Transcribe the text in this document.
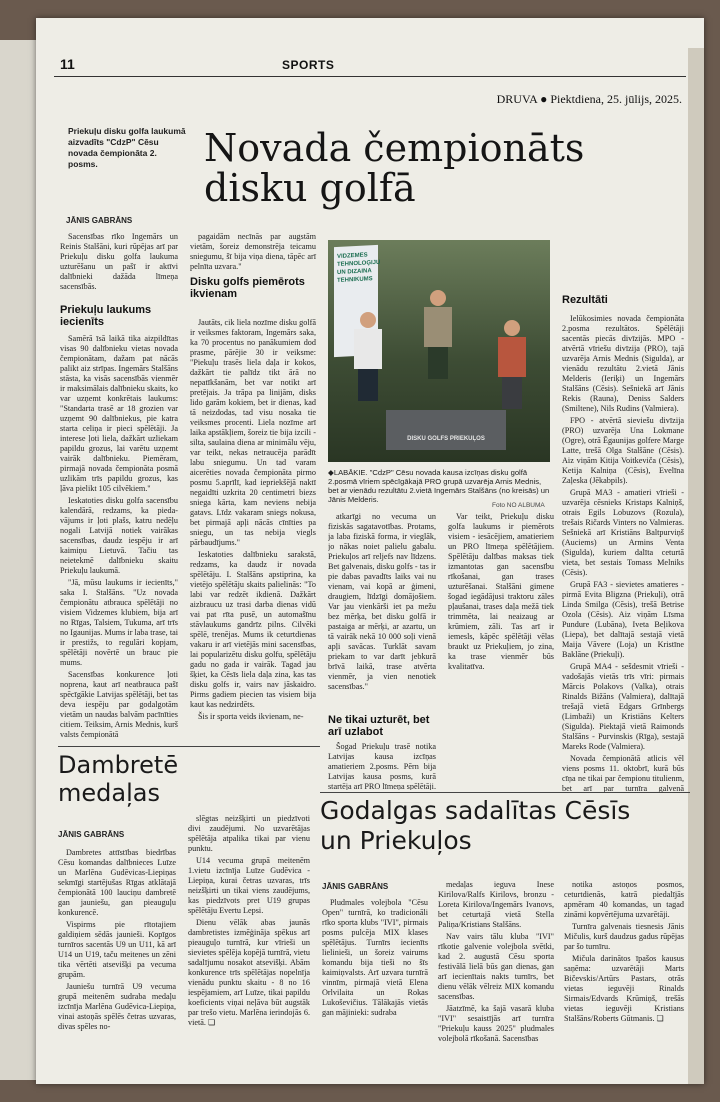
11	SPORTS
DRUVA ● Piektdiena, 25. jūlijs, 2025.
Priekuļu disku golfa laukumā aizvadīts "CdzP" Cēsu novada čempionāta 2. posms.	Novada čempionāts disku golfā
JĀNIS GABRĀNS

Sacensības rīko Ingemārs un Reinis Stalšāni, kuri rūpējas arī par Priekuļu disku golfa laukuma uzturēšanu un pašī ir aktīvi dalībnieki dažāda līmeņa sacensībās.

Priekuļu laukums iecienīts

Samērā īsā laikā tika aizpildītas visas 90 dalībnieku vietas novada čempionātam, dažam pat nācās palikt aiz strīpas. Ingemārs Stalšāns stāsta, ka visās sacensībās vienmēr ir maksimālais dalībnieku skaits, ko var uzņemt konkrētais laukums: "Standarta trasē ar 18 grozien var uzņemt 90 dalībniekus, pie katra starta celiņa ir pieci spēlētāji. Ja interese ļoti liela, dažkārt uzliekam papildu grozus, lai varētu uzņemt vairāk dalībnieku. Piemēram, pirmajā novada čempionāta posmā uzlikām trīs papildu grozus, kas ļāva pielikt 105 cilvēkiem."

Ieskatoties disku golfa sacensību kalendārā, redzams, ka pieda-vājums ir ļoti plašs, katru nedēļu nogali Latvijā notiek vairākas sacensības, daudz iespēju ir arī kaimiņu Lietuvā. Tačiu tas neietekmē dalībnieku skaitu Priekuļu laukumā.

"Jā, mūsu laukums ir iecienīts," saka I. Stalšāns. "Uz novada čempionātu atbrauca spēlētāji no visiem Vidzemes klubiem, bija arī no Rīgas, Talsiem, Tukuma, arī trīs no Igaunijas. Mums ir laba trase, tai ir prestižs, to regulāri kopjam, spēlētāji novērtē un brauc pie mums.

Sacensības konkurence ļoti noprena, kaut arī neatbrauca pašī spēcīgākie Latvijas spēlētāji, bet tas deva iespēju par godalgotām vietām un naudas balvām pacīnīties citiem. Teiksim, Arnis Mednis, kurš valsts čempionātā

pagaidām necīnās par augstām vietām, šoreiz demonstrēja teicamu sniegumu, šī bija viņa diena, tāpēc arī pelnīta uzvara."

Disku golfs piemērots ikvienam

Jautāts, cik liela nozīme disku golfā ir veiksmes faktoram, Ingemārs saka, ka 70 procentus no panākumiem dod prasme, pārējie 30 ir veiksme: "Piekuļu trasēs liela daļa ir kokos, dažkārt tie palīdz tikt ārā no nepatīkšanām, bet var notikt arī pretējais. Ja trāpa pa linijām, disks lido garām kokiem, bet ir dienas, kad tā neizdodas, tad visu nosaka tie veiksmes procenti. Liela nozīme arī laika apstākļiem, šoreiz tie bija izcili - silta, saulaina diena ar minimālu vēju, var teikt, nekas netraucēja parādīt labu sniegumu. Un tad varam aicerēties novada čempionāta pirmo posmu 5.aprīlī, kad iepriekšējā naktī negaidīti uzkrita 20 centimetri biezs sniega kārta, kam neviens nebija gatavs. Līdz vakaram sniegs nokusa, bet pirmajā apļi nācās cīnīties pa sniegu, un tas nebija viegls pārbaudījums."

Ieskatoties dalībnieku sarakstā, redzams, ka daudz ir novada spēlētāju. I. Stalšāns apstiprina, ka vietējo spēlētāju skaits palielinās: "To labi var redzēt ikdienā. Dažkārt aizbraucu uz trasi darba dienas vidū vai pat rīta pusē, un automašīnu stāvlaukums gandrīz pilns. Cilvēki spēlē, trenējas. Mums ik ceturtdienas vakaru ir arī vietējās mini sacensības, lai popularizētu disku golfu, spēlētāju gadu no gada ir vairāk. Tagad jau šķiet, ka Cēsīs liela daļa zina, kas tas disku golfs ir, vairs nav jāskaidro. Pirms gadiem piecien tas visiem bija kaut kas nedzirdēts.

Šis ir sporta veids ikvienam, ne-

VIDZEMES TEHNOLOĢIJU UN DIZAINA TEHNIKUMS
DISKU GOLFS PRIEKUĻOS
◆LABĀKIE. "CdzP" Cēsu novada kausa izcīņas disku golfā 2.posmā vīriem spēcīgākajā PRO grupā uzvarēja Arnis Mednis, bet ar vienādu rezultātu 2.vietā Ingemārs Stalšāns (no kreisās) un Jānis Melderis.
Foto NO ALBUMA

atkarīgi no vecuma un fiziskās sagatavotības. Protams, ja laba fiziskā forma, ir vieglāk, jo nākas noiet palielu gabalu. Priekuļos arī reljefs nav līdzens. Bet galvenais, disku golfs - tas ir pie dabas pavadīts laiks vai nu vienam, vai kopā ar ģimeni, draugiem, līdzīgi domājošiem. Var jau vienkārši iet pa mežu bez mērķa, bet disku golfā ir pastaiga ar mērķi, ar azartu, un tā vairāk nekā 10 000 soļi vienā apļi savācas. Turklāt savam priekam to var darīt jebkurā brīvā laikā, trase atvērta vienmēr, ja vien nenotiek sacensības."

Ne tikai uzturēt, bet arī uzlabot

Šogad Priekuļu trasē notika Latvijas kausa izcīņas amatieriem 2.posms. Pērn bija Latvijas kausa posms, kurā startēja arī PRO līmeņa spēlētāji.

Var teikt, Priekuļu disku golfa laukums ir piemērots visiem - iesācējiem, amatieriem un PRO līmeņa spēlētājiem. Spēlētāju dalības maksas tiek izmantotas gan sacensību rīkošanai, gan trases uzturēšanai. Stalšāni gimene šogad iegādājusi traktoru zāles pļaušanai, trases daļa mežā tiek trimmēta, lai neaizaug ar krūmiem, zāli. Tas arī ir iemesls, kāpēc spēlētāji vēlas braukt uz Priekuļiem, jo zina, ka trase vienmēr būs kvalitatīva.

Rezultāti

Ielūkosimies novada čempionāta 2.posma rezultātos. Spēlētāji sacentās piecās divīzijās. MPO - atvērtā vīriešu divīzija (PRO), tajā uzvarēja Arnis Mednis (Sigulda), ar vienādu rezultātu 2.vietā Jānis Melderis (Ieriķi) un Ingemārs Stalšāns (Cēsis). Sešniekā arī Jānis Rekis (Rauna), Deniss Salders (Smiltene), Nils Rudins (Valmiera).

FPO - atvērtā sieviešu divīzija (PRO) uzvarēja Una Lokmane (Ogre), otrā Ēgaunijas golfere Marge Latte, trešā Olga Stalšāne (Cēsis). Aiz viņām Kitija Voitkeviča (Cēsis), Ketija Kalniņa (Cēsis), Evelīna Zaļeska (Jēkabpils).

Grupā MA3 - amatieri vīrieši - uzvarēja cēsnieks Kristaps Kalniņš, otrais Egils Lobuzovs (Rozula), trešais Ričards Vinters no Valmieras. Sešniekā arī Kristiāns Baltpurviņš (Auciems) un Armins Venta (Sigulda), kuriem dalīta ceturtā vieta, bet sestais Tomass Melniks (Cēsis).

Grupā FA3 - sievietes amatieres - pirmā Evita Bligzna (Priekuļi), otrā Linda Smilga (Cēsis), trešā Betrise Ozola (Cēsis). Aiz viņām Līsma Pundure (Lubāna), Iveta Beļikova (Liepa), bet dalītajā sestajā vietā Maija Vāvere (Loja) un Kristīne Baklāne (Priekuļi).

Grupā MA4 - sešdesmit vīrieši - vadošajās vietās trīs vīri: pirmais Mārcis Polakovs (Valka), otrais Rinalds Bižāns (Valmiera), dalītajā trešajā vietā Edgars Grīnbergs (Limbaži) un Kristiāns Kelters (Sigulda). Piektajā vietā Raimonds Stalšāns - Purvinskis (Rīga), sestajā Mareks Rode (Valmiera).

Novada čempionātā atlicis vēl viens posms 11. oktobrī, kurā būs cīņa ne tikai par čempionu titulienm, bet arī par turnīra galvenā

Dambretē medaļas
JĀNIS GABRĀNS

Dambretes attīstības biedrības Cēsu komandas dalībnieces Luīze un Marlēna Gudēvicas-Liepiņas sekmīgi startējušas Rīgas atklātajā čempionātā 100 lauciņu dambretē gan jauniešu, gan pieauguļu konkurencē.

Vispirms pie rītotajiem galdiņiem sēdās jaunieši. Kopīgos turnīros sacentās U9 un U11, kā arī U14 un U19, taču meitenes un zēni tika vērtēti atsevišķi pa vecuma grupām.

Jauniešu turnīrā U9 vecuma grupā meitenēm sudraba medaļu izcīnīja Marlēna Gudēvica-Liepiņa, vinai astoņās spēlēs četras uzvaras, divas spēles no-

slēgtas neizšķirti un piedzīvoti divi zaudējumi. No uzvarētājas spēlētāja atpalika tikai par vienu punktu.

U14 vecuma grupā meitenēm 1.vietu izcīnīja Luīze Gudēvica - Liepiņa, kurai četras uzvaras, trīs neizšķirti un tikai viens zaudējums, kas piedzīvots pret U19 grupas spēlētāju Evertu Lepsi.

Dienu vēlāk abas jaunās dambretistes izmēģināja spēkus arī pieauguļo turnīrā, kur vīrieši un sievietes spēlēja kopējā turnīrā, vietu sadalījumu nosakot atsevišķi. Abām konkurence trīs spēlētājas nopelnīja vienādu punktu skaitu - 8 no 16 iespējamiem, arī Luīze, tikai papildu koeficients viņai neļāva būt augstāk par trešo vietu. Marlēna ierindojās 6. vietā. ❏

Godalgas sadalītas Cēsīs un Priekuļos
JĀNIS GABRĀNS

Pludmales volejbola "Cēsu Open" turnīrā, ko tradicionāli rīko sporta klubs "IVI", pirmais posms pulcēja MIX klases spēlētājus. Turnīrs iecienīts lielinieši, un šoreiz vairums komandu bija tieši no šīs kaimiņvalsts. Arī uzvara turnīrā vinnīm, pirmajā vietā Elena Orlvilaita un Rokas Lukoševičius. Tālākajās vietās gan mājinieki: sudraba

medaļas ieguva Inese Kirilova/Ralfs Kirilovs, bronzu - Loreta Kirilova/Ingemārs Ivanovs, bet ceturtajā vietā Stella Paliņa/Kristians Stalšāns.

Nav vairs tālu kluba "IVI" rīkotie galvenie volejbola svētki, kad 2. augustā Cēsu sporta festivālā lielā būs gan dienas, gan arī iecienītais nakts turnīrs, bet dienu vēlāk vēlreiz MIX komandu sacensības.

Jāatzīmē, ka šajā vasarā kluba "IVI" sesaistījās arī turnīra "Priekuļu kauss 2025" pludmales volejbolā rīkošanā. Sacensības

notika astoņos posmos, ceturtdienās, katrā piedalījās apmēram 40 komandas, un tagad zināmi kopvērtējuma uzvarētāji.

Turnīra galvenais tiesnesis Jānis Mičulis, kurš daudzus gadus rūpējas par šo turnīru.

Mičula darinātos īpašos kausus saņēma: uzvarētāji Marts Bičevskis/Artūrs Pastars, otrās vietas ieguvēji Rinalds Sirmais/Edvards Krūmiņš, trešās vietas ieguvēji Kristians Stalšāns/Roberts Gūtmanis. ❏
